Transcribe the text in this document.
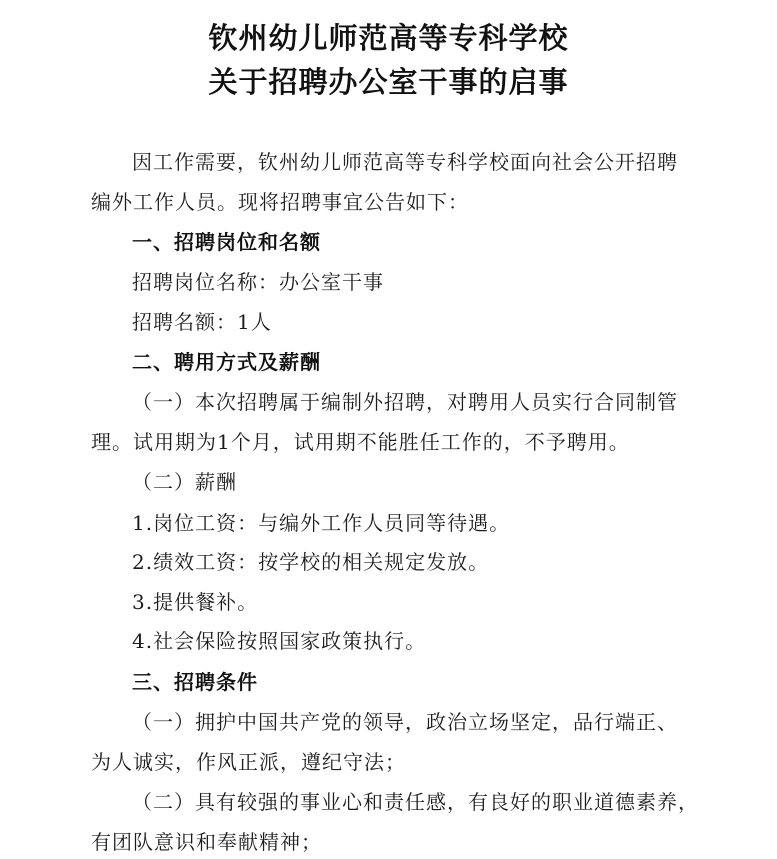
钦州幼儿师范高等专科学校
关于招聘办公室干事的启事
因工作需要，钦州幼儿师范高等专科学校面向社会公开招聘
编外工作人员。现将招聘事宜公告如下：
一、招聘岗位和名额
招聘岗位名称：办公室干事
招聘名额：1人
二、聘用方式及薪酬
（一）本次招聘属于编制外招聘，对聘用人员实行合同制管
理。试用期为1个月，试用期不能胜任工作的，不予聘用。
（二）薪酬
1.岗位工资：与编外工作人员同等待遇。
2.绩效工资：按学校的相关规定发放。
3.提供餐补。
4.社会保险按照国家政策执行。
三、招聘条件
（一）拥护中国共产党的领导，政治立场坚定，品行端正、
为人诚实，作风正派，遵纪守法；
（二）具有较强的事业心和责任感，有良好的职业道德素养，
有团队意识和奉献精神；
